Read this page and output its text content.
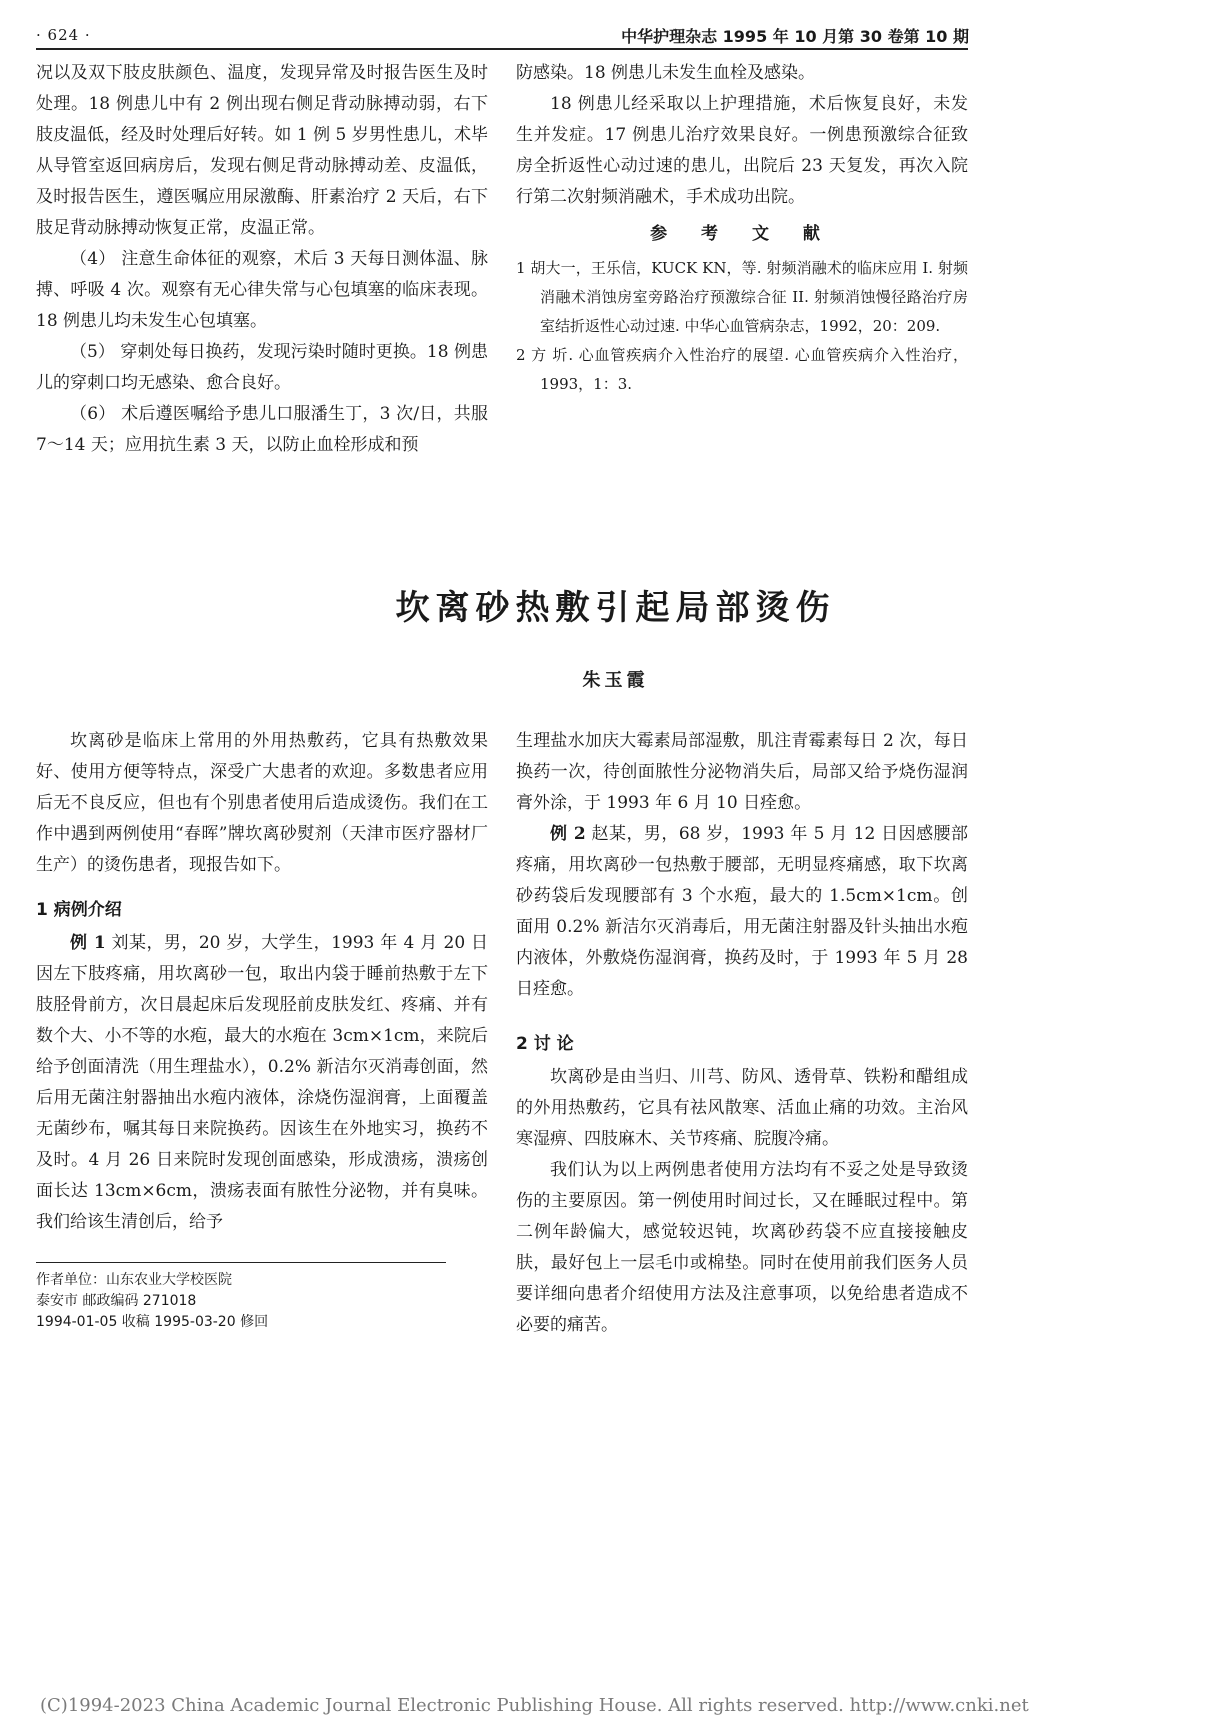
· 624 ·	中华护理杂志 1995 年 10 月第 30 卷第 10 期

况以及双下肢皮肤颜色、温度，发现异常及时报告医生及时处理。18 例患儿中有 2 例出现右侧足背动脉搏动弱，右下肢皮温低，经及时处理后好转。如 1 例 5 岁男性患儿，术毕从导管室返回病房后，发现右侧足背动脉搏动差、皮温低，及时报告医生，遵医嘱应用尿激酶、肝素治疗 2 天后，右下肢足背动脉搏动恢复正常，皮温正常。

（4） 注意生命体征的观察，术后 3 天每日测体温、脉搏、呼吸 4 次。观察有无心律失常与心包填塞的临床表现。18 例患儿均未发生心包填塞。

（5） 穿刺处每日换药，发现污染时随时更换。18 例患儿的穿刺口均无感染、愈合良好。

（6） 术后遵医嘱给予患儿口服潘生丁，3 次/日，共服 7～14 天；应用抗生素 3 天，以防止血栓形成和预

防感染。18 例患儿未发生血栓及感染。

18 例患儿经采取以上护理措施，术后恢复良好，未发生并发症。17 例患儿治疗效果良好。一例患预激综合征致房全折返性心动过速的患儿，出院后 23 天复发，再次入院行第二次射频消融术，手术成功出院。

参 考 文 献

1 胡大一，王乐信，KUCK KN，等. 射频消融术的临床应用 I. 射频消融术消蚀房室旁路治疗预激综合征 II. 射频消蚀慢径路治疗房室结折返性心动过速. 中华心血管病杂志，1992，20：209.

2 方 圻. 心血管疾病介入性治疗的展望. 心血管疾病介入性治疗，1993，1：3.

坎离砂热敷引起局部烫伤
朱玉霞

坎离砂是临床上常用的外用热敷药，它具有热敷效果好、使用方便等特点，深受广大患者的欢迎。多数患者应用后无不良反应，但也有个别患者使用后造成烫伤。我们在工作中遇到两例使用“春晖”牌坎离砂熨剂（天津市医疗器材厂生产）的烫伤患者，现报告如下。

1 病例介绍

例 1 刘某，男，20 岁，大学生，1993 年 4 月 20 日因左下肢疼痛，用坎离砂一包，取出内袋于睡前热敷于左下肢胫骨前方，次日晨起床后发现胫前皮肤发红、疼痛、并有数个大、小不等的水疱，最大的水疱在 3cm×1cm，来院后给予创面清洗（用生理盐水），0.2% 新洁尔灭消毒创面，然后用无菌注射器抽出水疱内液体，涂烧伤湿润膏，上面覆盖无菌纱布，嘱其每日来院换药。因该生在外地实习，换药不及时。4 月 26 日来院时发现创面感染，形成溃疡，溃疡创面长达 13cm×6cm，溃疡表面有脓性分泌物，并有臭味。我们给该生清创后，给予

作者单位：山东农业大学校医院
泰安市 邮政编码 271018
1994-01-05 收稿 1995-03-20 修回

生理盐水加庆大霉素局部湿敷，肌注青霉素每日 2 次，每日换药一次，待创面脓性分泌物消失后，局部又给予烧伤湿润膏外涂，于 1993 年 6 月 10 日痊愈。

例 2 赵某，男，68 岁，1993 年 5 月 12 日因感腰部疼痛，用坎离砂一包热敷于腰部，无明显疼痛感，取下坎离砂药袋后发现腰部有 3 个水疱，最大的 1.5cm×1cm。创面用 0.2% 新洁尔灭消毒后，用无菌注射器及针头抽出水疱内液体，外敷烧伤湿润膏，换药及时，于 1993 年 5 月 28 日痊愈。

2 讨 论

坎离砂是由当归、川芎、防风、透骨草、铁粉和醋组成的外用热敷药，它具有祛风散寒、活血止痛的功效。主治风寒湿痹、四肢麻木、关节疼痛、脘腹冷痛。

我们认为以上两例患者使用方法均有不妥之处是导致烫伤的主要原因。第一例使用时间过长，又在睡眠过程中。第二例年龄偏大，感觉较迟钝，坎离砂药袋不应直接接触皮肤，最好包上一层毛巾或棉垫。同时在使用前我们医务人员要详细向患者介绍使用方法及注意事项，以免给患者造成不必要的痛苦。

(C)1994-2023 China Academic Journal Electronic Publishing House. All rights reserved. http://www.cnki.net
